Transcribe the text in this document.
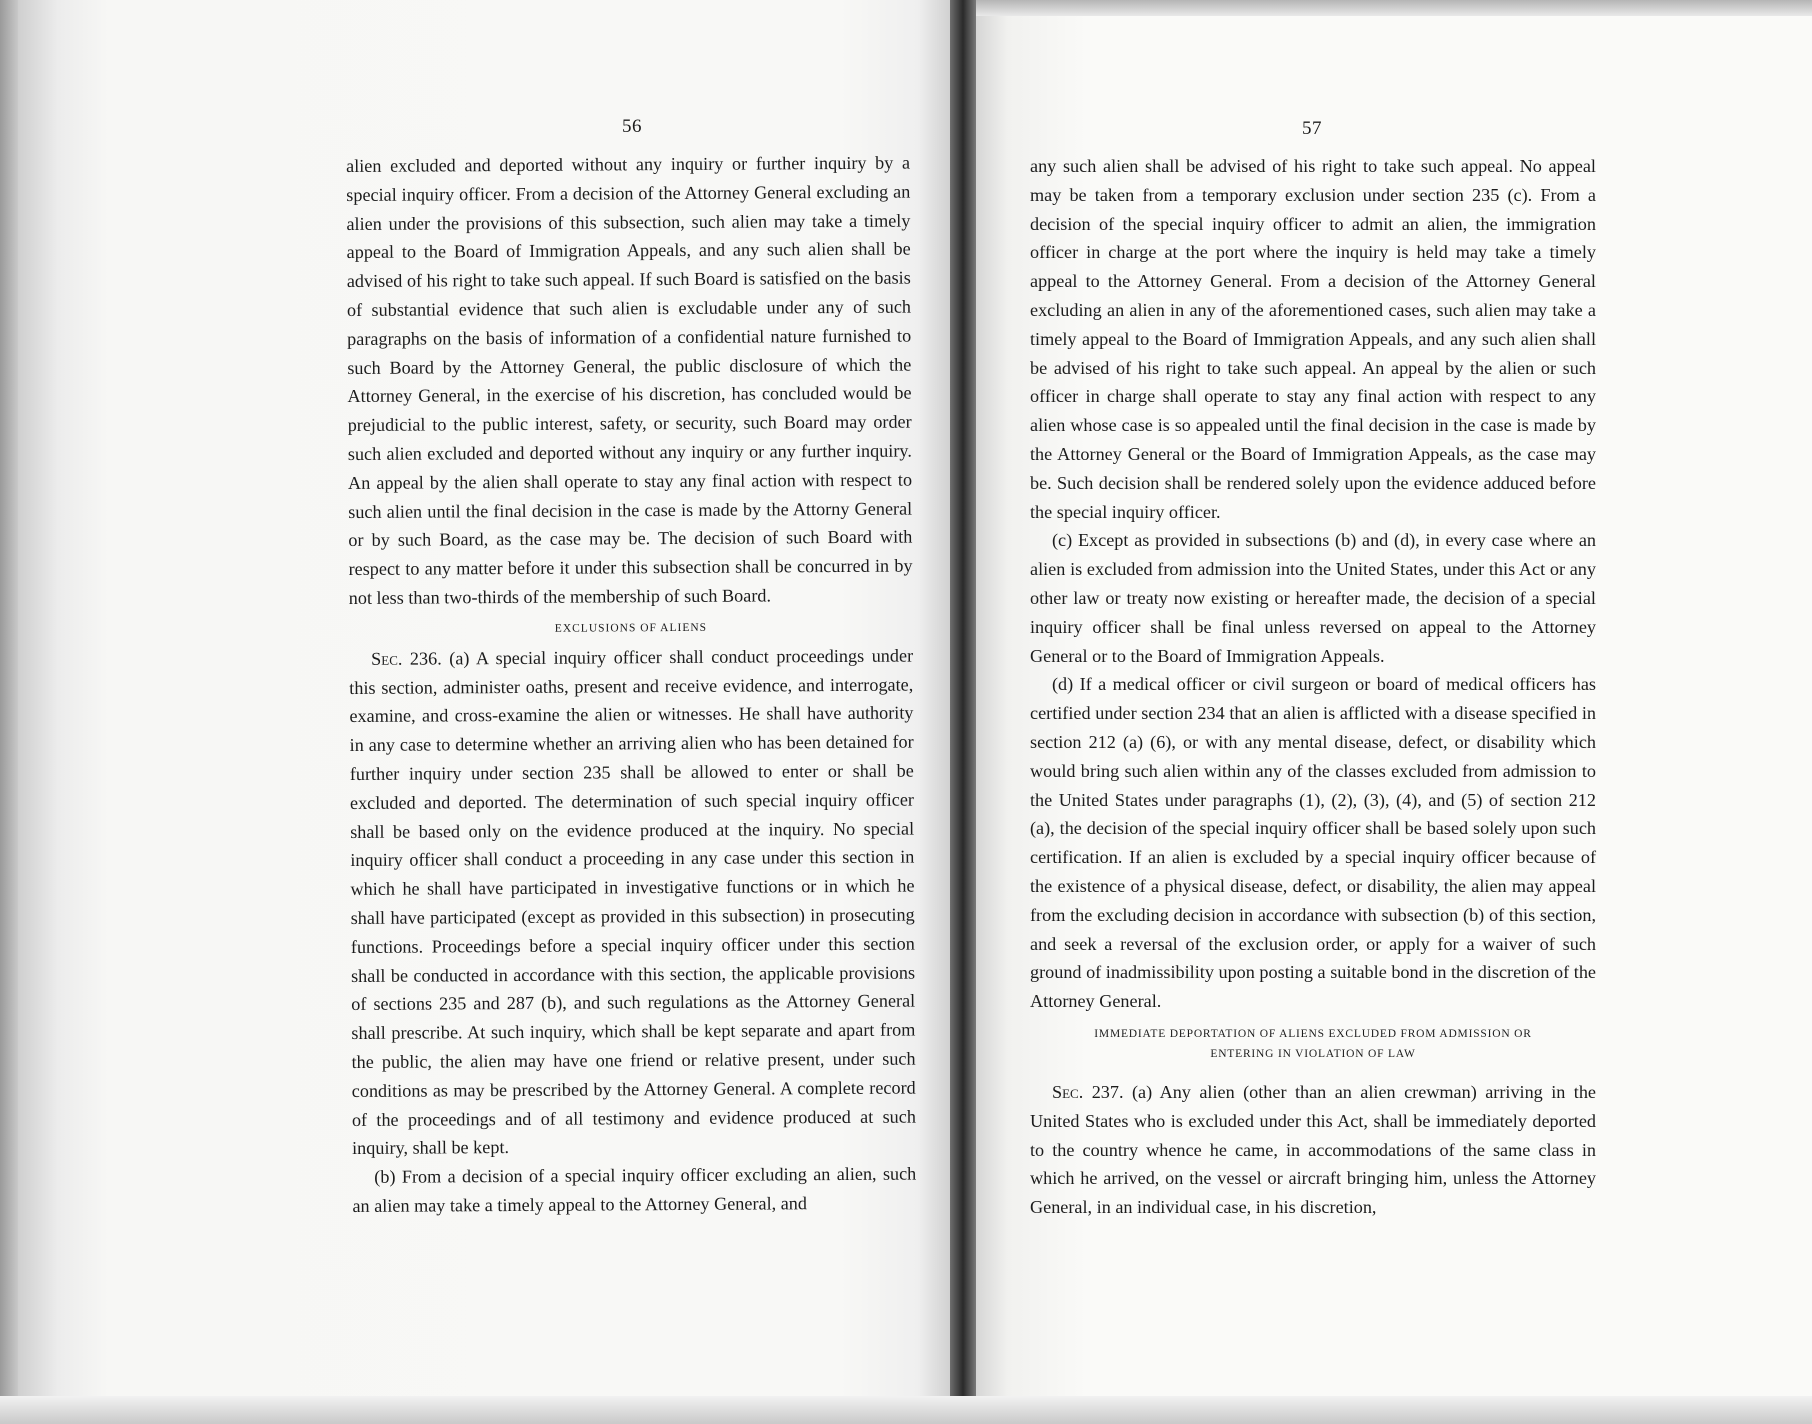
56

alien excluded and deported without any inquiry or further inquiry by a special inquiry officer. From a decision of the Attorney General excluding an alien under the provisions of this subsection, such alien may take a timely appeal to the Board of Immigration Appeals, and any such alien shall be advised of his right to take such appeal. If such Board is satisfied on the basis of substantial evidence that such alien is excludable under any of such paragraphs on the basis of information of a confidential nature furnished to such Board by the Attorney General, the public disclosure of which the Attorney General, in the exercise of his discretion, has concluded would be prejudicial to the public interest, safety, or security, such Board may order such alien excluded and deported without any inquiry or any further inquiry. An appeal by the alien shall operate to stay any final action with respect to such alien until the final decision in the case is made by the Attorny General or by such Board, as the case may be. The decision of such Board with respect to any matter before it under this subsection shall be concurred in by not less than two-thirds of the membership of such Board.

EXCLUSIONS OF ALIENS

Sec. 236. (a) A special inquiry officer shall conduct proceedings under this section, administer oaths, present and receive evidence, and interrogate, examine, and cross-examine the alien or witnesses. He shall have authority in any case to determine whether an arriving alien who has been detained for further inquiry under section 235 shall be allowed to enter or shall be excluded and deported. The determination of such special inquiry officer shall be based only on the evidence produced at the inquiry. No special inquiry officer shall conduct a proceeding in any case under this section in which he shall have participated in investigative functions or in which he shall have participated (except as provided in this subsection) in prosecuting functions. Proceedings before a special inquiry officer under this section shall be conducted in accordance with this section, the applicable provisions of sections 235 and 287 (b), and such regulations as the Attorney General shall prescribe. At such inquiry, which shall be kept separate and apart from the public, the alien may have one friend or relative present, under such conditions as may be prescribed by the Attorney General. A complete record of the proceedings and of all testimony and evidence produced at such inquiry, shall be kept.

(b) From a decision of a special inquiry officer excluding an alien, such an alien may take a timely appeal to the Attorney General, and

57

any such alien shall be advised of his right to take such appeal. No appeal may be taken from a temporary exclusion under section 235 (c). From a decision of the special inquiry officer to admit an alien, the immigration officer in charge at the port where the inquiry is held may take a timely appeal to the Attorney General. From a decision of the Attorney General excluding an alien in any of the aforementioned cases, such alien may take a timely appeal to the Board of Immigration Appeals, and any such alien shall be advised of his right to take such appeal. An appeal by the alien or such officer in charge shall operate to stay any final action with respect to any alien whose case is so appealed until the final decision in the case is made by the Attorney General or the Board of Immigration Appeals, as the case may be. Such decision shall be rendered solely upon the evidence adduced before the special inquiry officer.

(c) Except as provided in subsections (b) and (d), in every case where an alien is excluded from admission into the United States, under this Act or any other law or treaty now existing or hereafter made, the decision of a special inquiry officer shall be final unless reversed on appeal to the Attorney General or to the Board of Immigration Appeals.

(d) If a medical officer or civil surgeon or board of medical officers has certified under section 234 that an alien is afflicted with a disease specified in section 212 (a) (6), or with any mental disease, defect, or disability which would bring such alien within any of the classes excluded from admission to the United States under paragraphs (1), (2), (3), (4), and (5) of section 212 (a), the decision of the special inquiry officer shall be based solely upon such certification. If an alien is excluded by a special inquiry officer because of the existence of a physical disease, defect, or disability, the alien may appeal from the excluding decision in accordance with subsection (b) of this section, and seek a reversal of the exclusion order, or apply for a waiver of such ground of inadmissibility upon posting a suitable bond in the discretion of the Attorney General.

IMMEDIATE DEPORTATION OF ALIENS EXCLUDED FROM ADMISSION OR
ENTERING IN VIOLATION OF LAW

Sec. 237. (a) Any alien (other than an alien crewman) arriving in the United States who is excluded under this Act, shall be immediately deported to the country whence he came, in accommodations of the same class in which he arrived, on the vessel or aircraft bringing him, unless the Attorney General, in an individual case, in his discretion,
